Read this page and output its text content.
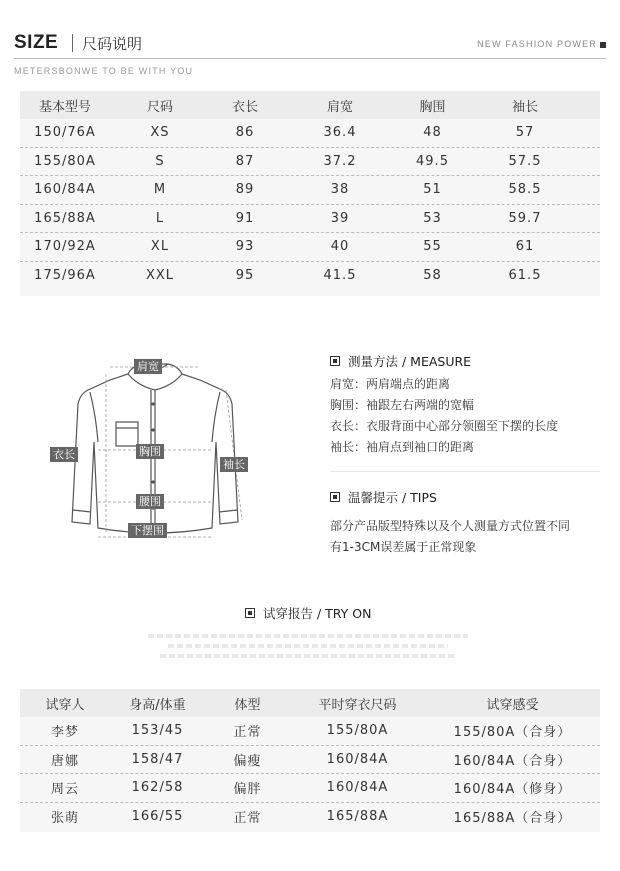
SIZE 尺码说明	NEW FASHION POWER
METERSBONWE TO BE WITH YOU
基本型号	尺码	衣长	肩宽	胸围	袖长
150/76A	XS	86	36.4	48	57
155/80A	S	87	37.2	49.5	57.5
160/84A	M	89	38	51	58.5
165/88A	L	91	39	53	59.7
170/92A	XL	93	40	55	61
175/96A	XXL	95	41.5	58	61.5
肩宽
衣长	胸围
袖长
腰围
下摆围
测量方法 / MEASURE
肩宽：两肩端点的距离
胸围：袖跟左右两端的宽幅
衣长：衣服背面中心部分领圈至下摆的长度
袖长：袖肩点到袖口的距离
温馨提示 / TIPS
部分产品版型特殊以及个人测量方式位置不同
有1-3CM误差属于正常现象
试穿报告 / TRY ON
试穿人	身高/体重	体型	平时穿衣尺码	试穿感受
李梦	153/45	正常	155/80A	155/80A（合身）
唐娜	158/47	偏瘦	160/84A	160/84A（合身）
周云	162/58	偏胖	160/84A	160/84A（修身）
张萌	166/55	正常	165/88A	165/88A（合身）
